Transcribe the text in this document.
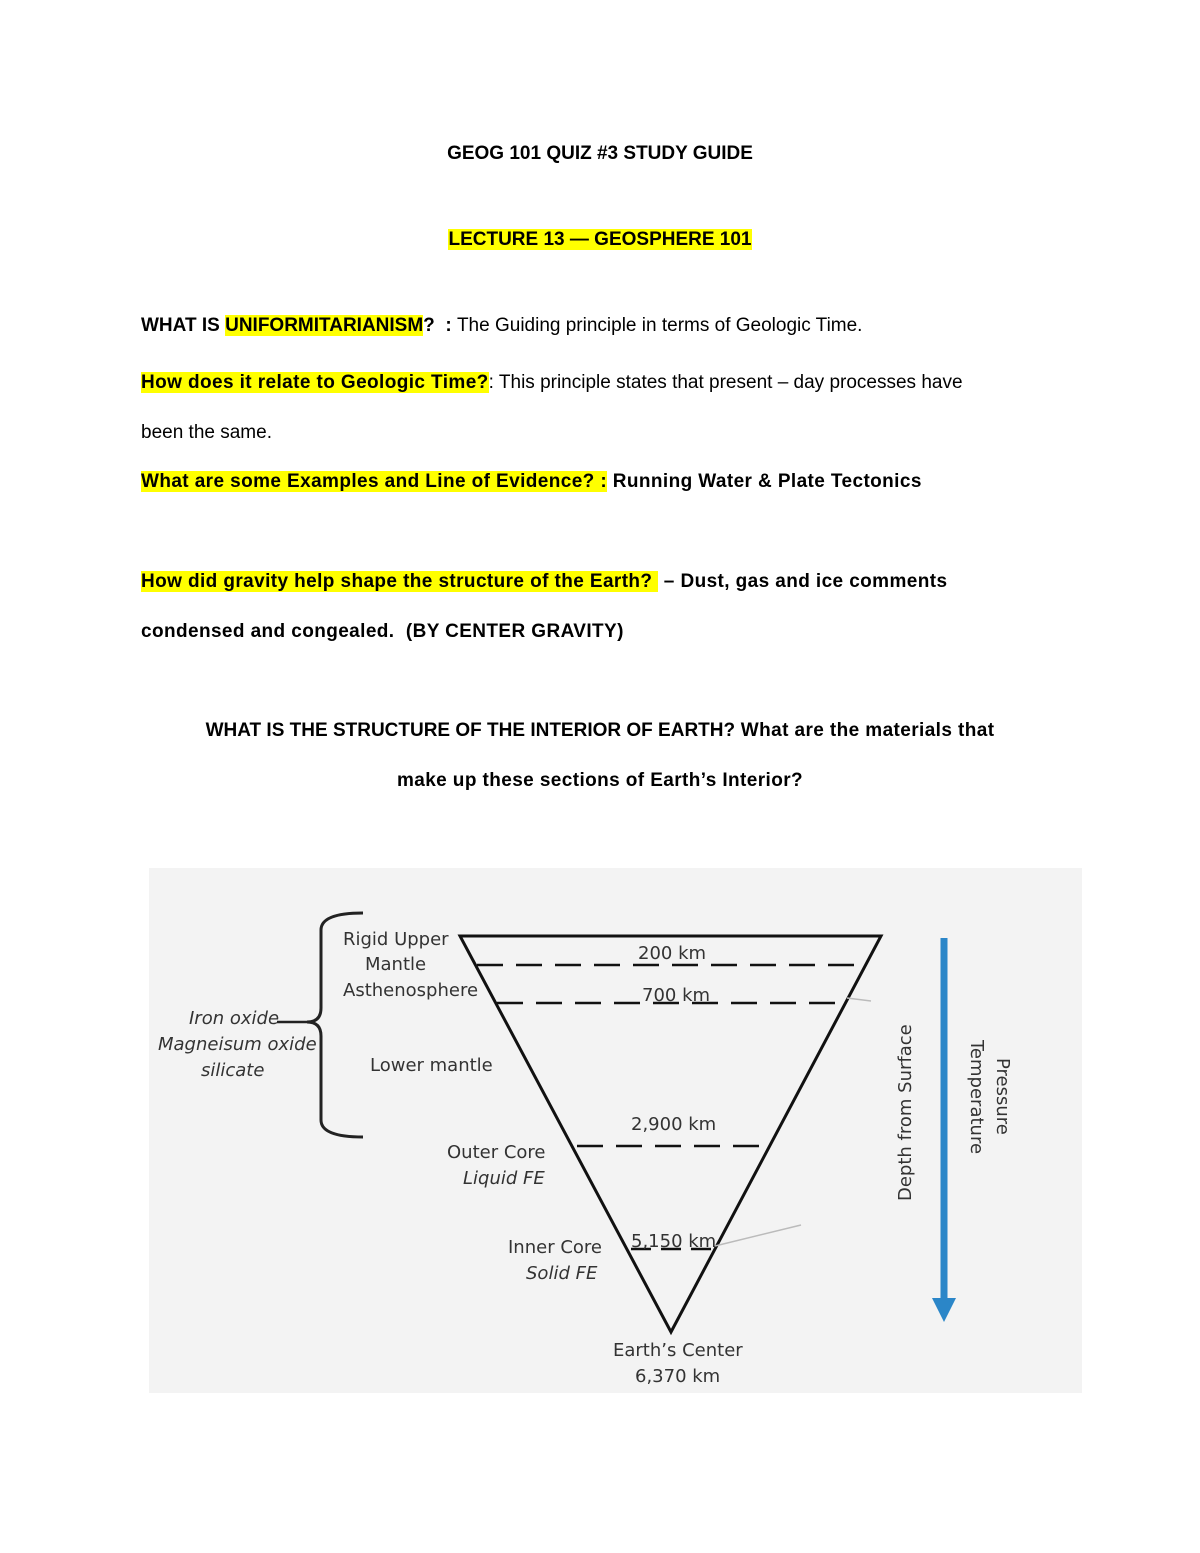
GEOG 101 QUIZ #3 STUDY GUIDE
LECTURE 13 — GEOSPHERE 101
WHAT IS UNIFORMITARIANISM?  : The Guiding principle in terms of Geologic Time.
How does it relate to Geologic Time?: This principle states that present – day processes have
been the same.
What are some Examples and Line of Evidence? : Running Water & Plate Tectonics
How did gravity help shape the structure of the Earth?  – Dust, gas and ice comments
condensed and congealed.  (BY CENTER GRAVITY)
WHAT IS THE STRUCTURE OF THE INTERIOR OF EARTH? What are the materials that
make up these sections of Earth’s Interior?
Rigid Upper
Mantle
Asthenosphere
Lower mantle
Outer Core
Liquid FE
Inner Core
Solid FE
Earth’s Center
6,370 km
200 km
700 km
2,900 km
5,150 km
Iron oxide
Magneisum oxide
silicate	Depth from Surface	Pressure
Temperature
